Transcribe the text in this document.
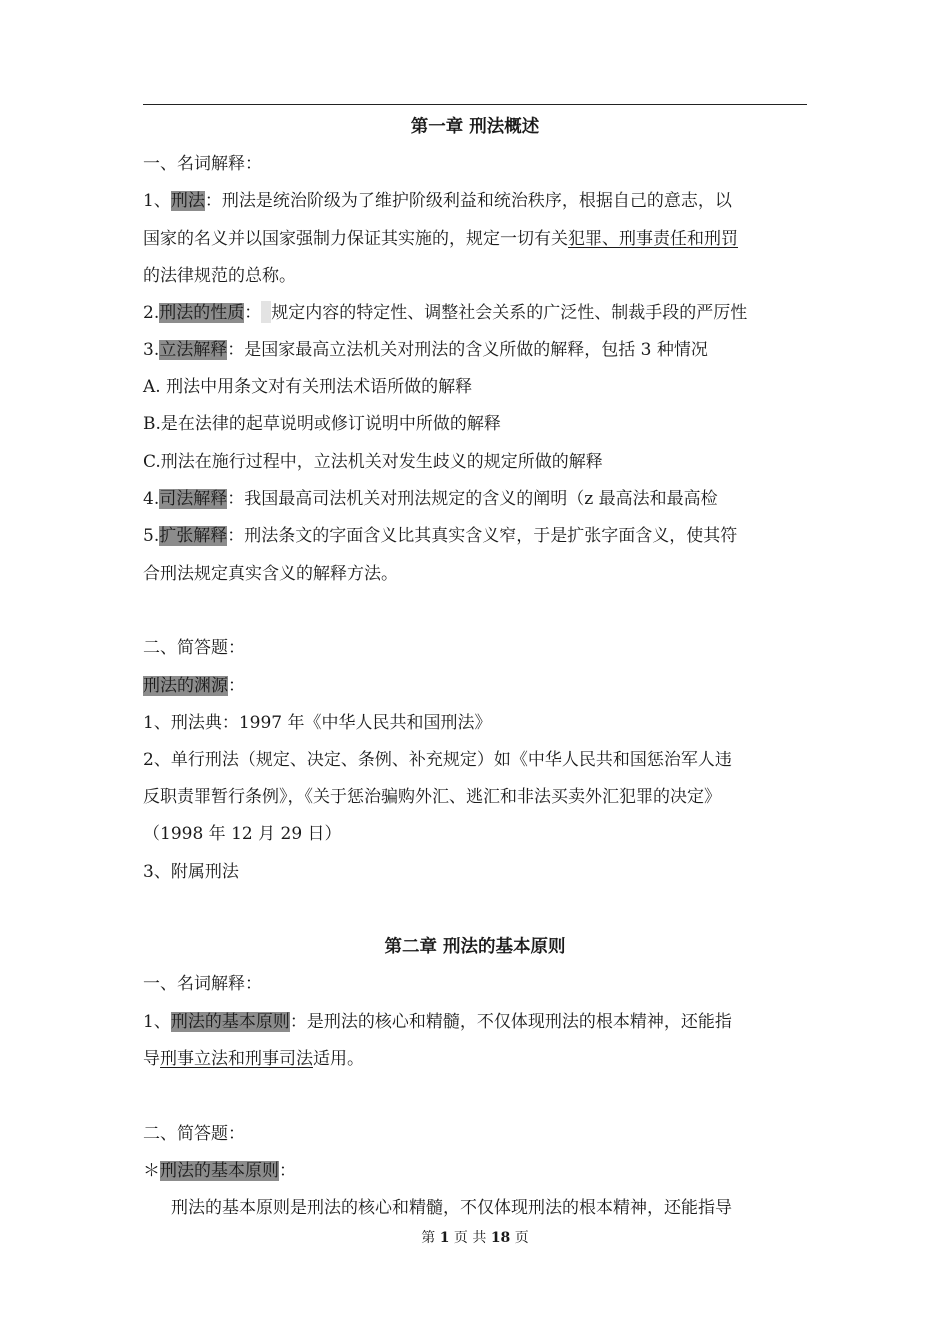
第一章 刑法概述
一、名词解释：
1、刑法：刑法是统治阶级为了维护阶级利益和统治秩序，根据自己的意志，以
国家的名义并以国家强制力保证其实施的，规定一切有关犯罪、刑事责任和刑罚
的法律规范的总称。
2.刑法的性质： 规定内容的特定性、调整社会关系的广泛性、制裁手段的严厉性
3.立法解释：是国家最高立法机关对刑法的含义所做的解释，包括 3 种情况
A. 刑法中用条文对有关刑法术语所做的解释
B.是在法律的起草说明或修订说明中所做的解释
C.刑法在施行过程中，立法机关对发生歧义的规定所做的解释
4.司法解释：我国最高司法机关对刑法规定的含义的阐明（z 最高法和最高检
5.扩张解释：刑法条文的字面含义比其真实含义窄，于是扩张字面含义，使其符
合刑法规定真实含义的解释方法。
二、简答题：
刑法的渊源：
1、刑法典：1997 年《中华人民共和国刑法》
2、单行刑法（规定、决定、条例、补充规定）如《中华人民共和国惩治军人违
反职责罪暂行条例》，《关于惩治骗购外汇、逃汇和非法买卖外汇犯罪的决定》
（1998 年 12 月 29 日）
3、附属刑法
第二章 刑法的基本原则
一、名词解释：
1、刑法的基本原则：是刑法的核心和精髓，不仅体现刑法的根本精神，还能指
导刑事立法和刑事司法适用。
二、简答题：
＊刑法的基本原则：
刑法的基本原则是刑法的核心和精髓，不仅体现刑法的根本精神，还能指导
第 1 页 共 18 页
